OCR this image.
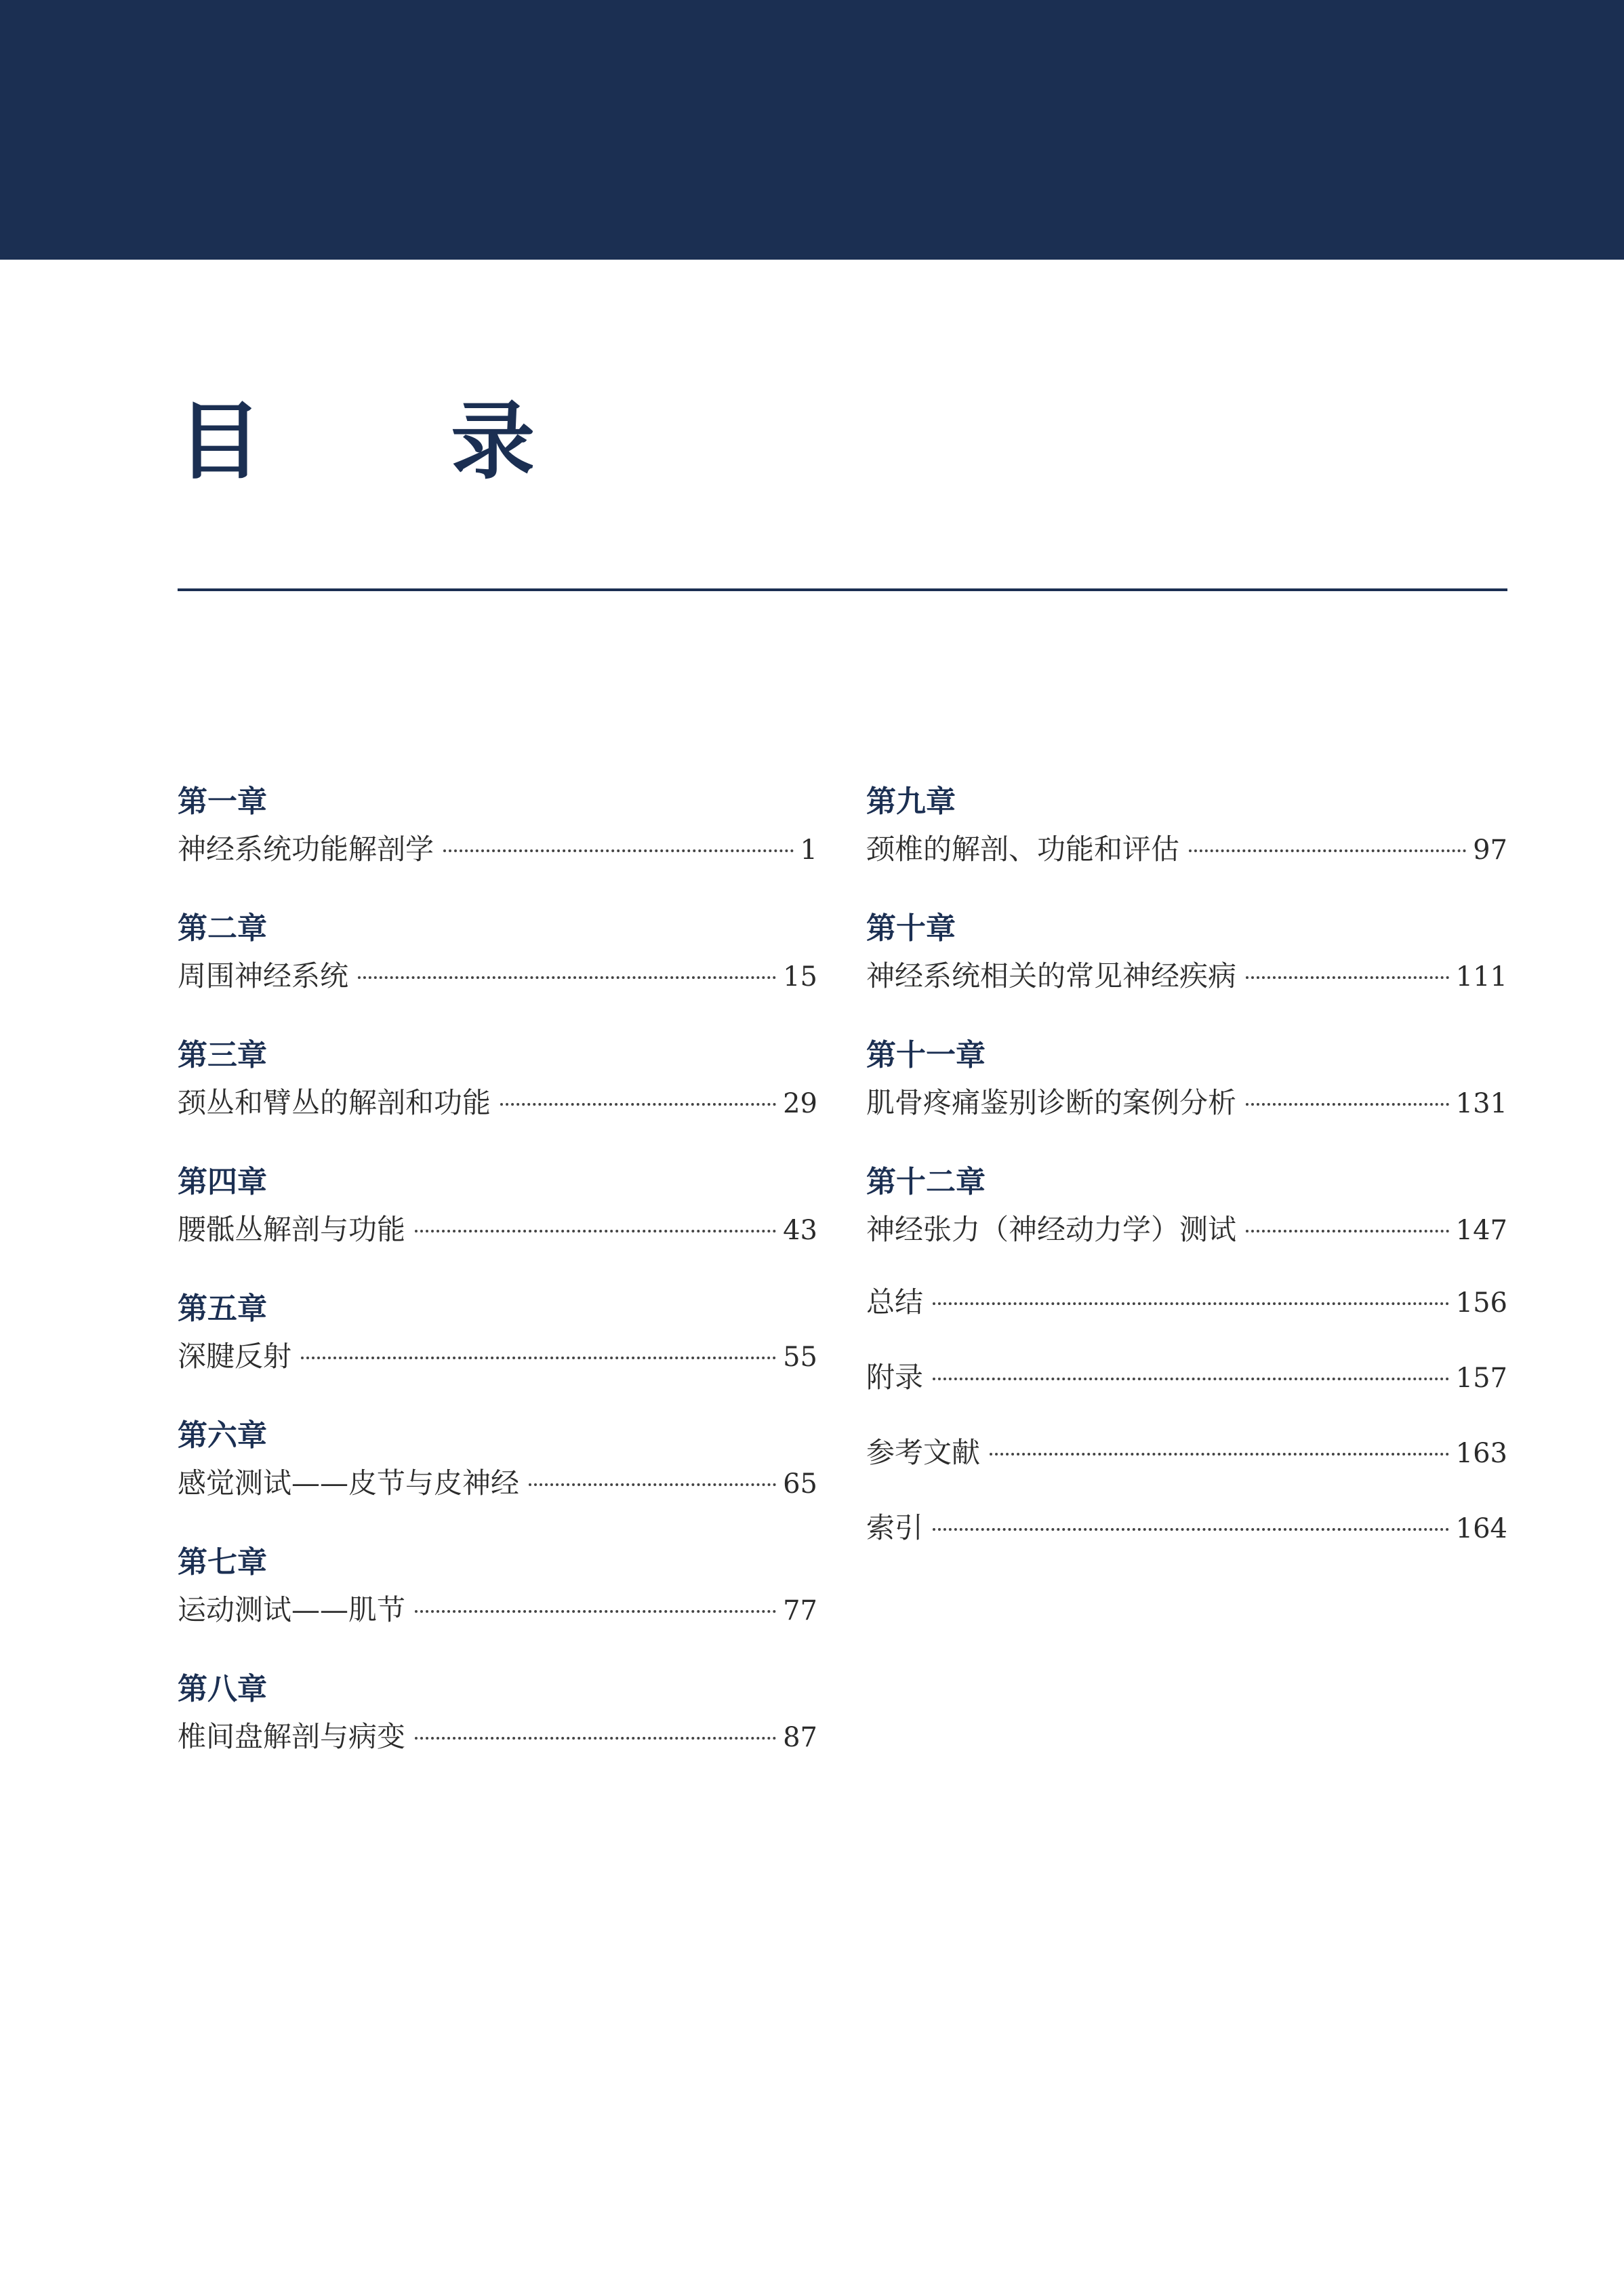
目 录
第一章
神经系统功能解剖学	1
第二章
周围神经系统	15
第三章
颈丛和臂丛的解剖和功能	29
第四章
腰骶丛解剖与功能	43
第五章
深腱反射	55
第六章
感觉测试——皮节与皮神经	65
第七章
运动测试——肌节	77
第八章
椎间盘解剖与病变	87
第九章
颈椎的解剖、功能和评估	97
第十章
神经系统相关的常见神经疾病	111
第十一章
肌骨疼痛鉴别诊断的案例分析	131
第十二章
神经张力（神经动力学）测试	147
总结	156
附录	157
参考文献	163
索引	164
